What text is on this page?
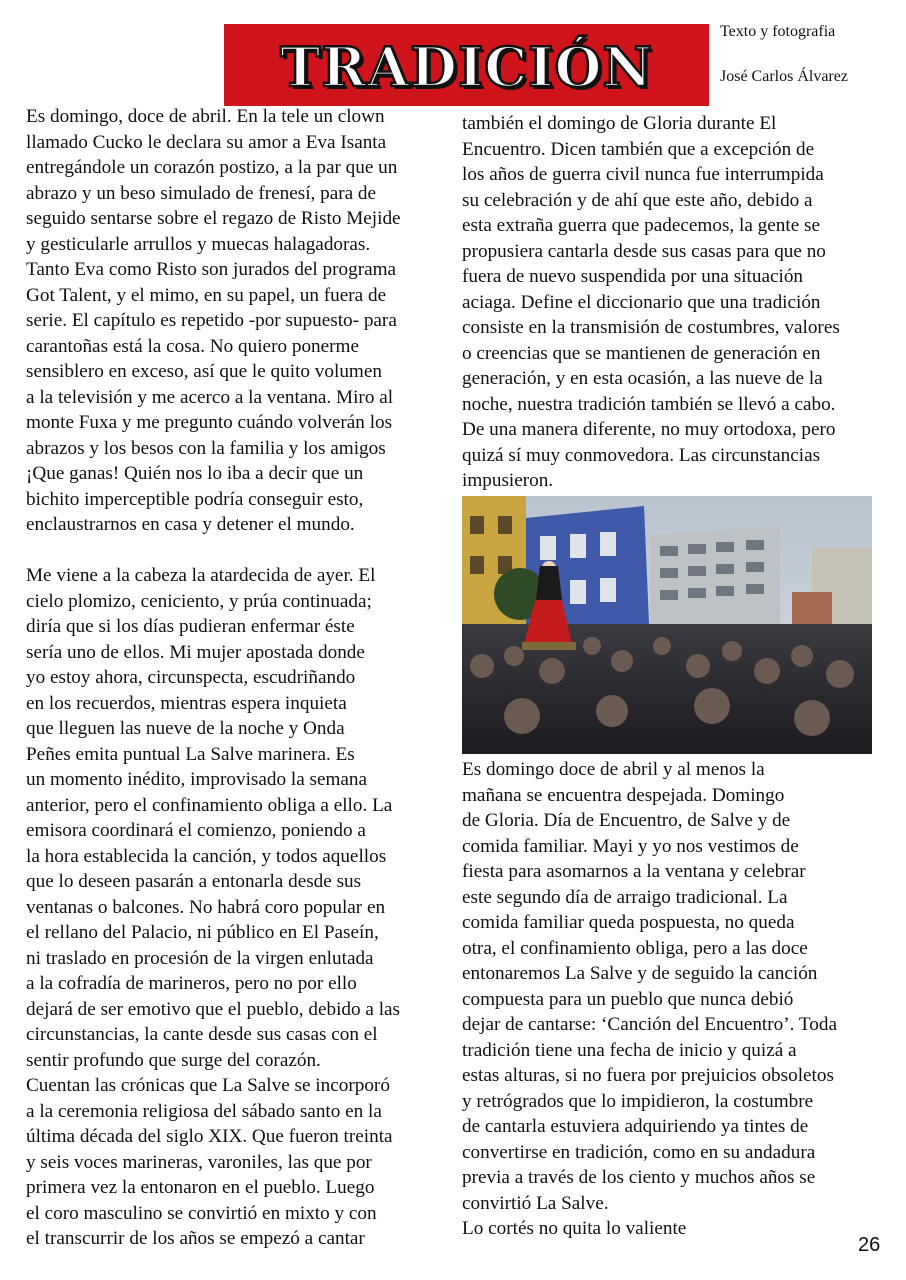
TRADICIÓN
Texto y fotografia
José Carlos Álvarez

Es domingo, doce de abril. En la tele un clown
llamado Cucko le declara su amor a Eva Isanta
entregándole un corazón postizo, a la par que un
abrazo y un beso simulado de frenesí, para de
seguido sentarse sobre el regazo de Risto Mejide
y gesticularle arrullos y muecas halagadoras.
Tanto Eva como Risto son jurados del programa
Got Talent, y el mimo, en su papel, un fuera de
serie. El capítulo es repetido -por supuesto- para
carantoñas está la cosa. No quiero ponerme
sensiblero en exceso, así que le quito volumen
a la televisión y me acerco a la ventana. Miro al
monte Fuxa y me pregunto cuándo volverán los
abrazos y los besos con la familia y los amigos
¡Que ganas! Quién nos lo iba a decir que un
bichito imperceptible podría conseguir esto,
enclaustrarnos en casa y detener el mundo.

Me viene a la cabeza la atardecida de ayer. El
cielo plomizo, ceniciento, y prúa continuada;
diría que si los días pudieran enfermar éste
sería uno de ellos. Mi mujer apostada donde
yo estoy ahora, circunspecta, escudriñando
en los recuerdos, mientras espera inquieta
que lleguen las nueve de la noche y Onda
Peñes emita puntual La Salve marinera. Es
un momento inédito, improvisado la semana
anterior, pero el confinamiento obliga a ello. La
emisora coordinará el comienzo, poniendo a
la hora establecida la canción, y todos aquellos
que lo deseen pasarán a entonarla desde sus
ventanas o balcones. No habrá coro popular en
el rellano del Palacio, ni público en El Paseín,
ni traslado en procesión de la virgen enlutada
a la cofradía de marineros, pero no por ello
dejará de ser emotivo que el pueblo, debido a las
circunstancias, la cante desde sus casas con el
sentir profundo que surge del corazón.
Cuentan las crónicas que La Salve se incorporó
a la ceremonia religiosa del sábado santo en la
última década del siglo XIX. Que fueron treinta
y seis voces marineras, varoniles, las que por
primera vez la entonaron en el pueblo. Luego
el coro masculino se convirtió en mixto y con
el transcurrir de los años se empezó a cantar

también el domingo de Gloria durante El
Encuentro. Dicen también que a excepción de
los años de guerra civil nunca fue interrumpida
su celebración y de ahí que este año, debido a
esta extraña guerra que padecemos, la gente se
propusiera cantarla desde sus casas para que no
fuera de nuevo suspendida por una situación
aciaga. Define el diccionario que una tradición
consiste en la transmisión de costumbres, valores
o creencias que se mantienen de generación en
generación, y en esta ocasión, a las nueve de la
noche, nuestra tradición también se llevó a cabo.
De una manera diferente, no muy ortodoxa, pero
quizá sí muy conmovedora. Las circunstancias
impusieron.

Es domingo doce de abril y al menos la
mañana se encuentra despejada. Domingo
de Gloria. Día de Encuentro, de Salve y de
comida familiar. Mayi y yo nos vestimos de
fiesta para asomarnos a la ventana y celebrar
este segundo día de arraigo tradicional. La
comida familiar queda pospuesta, no queda
otra, el confinamiento obliga, pero a las doce
entonaremos La Salve y de seguido la canción
compuesta para un pueblo que nunca debió
dejar de cantarse: ‘Canción del Encuentro’. Toda
tradición tiene una fecha de inicio y quizá a
estas alturas, si no fuera por prejuicios obsoletos
y retrógrados que lo impidieron, la costumbre
de cantarla estuviera adquiriendo ya tintes de
convertirse en tradición, como en su andadura
previa a través de los ciento y muchos años se
convirtió La Salve.
Lo cortés no quita lo valiente

26
